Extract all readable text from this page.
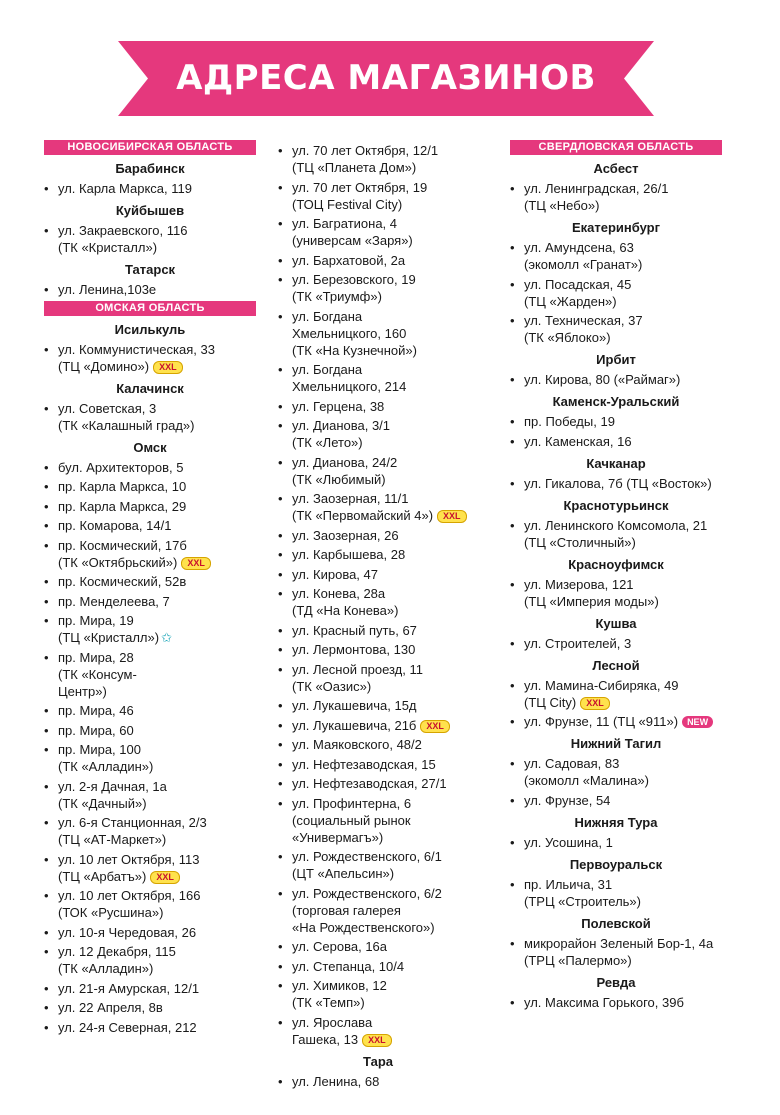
АДРЕСА МАГАЗИНОВ
НОВОСИБИРСКАЯ ОБЛАСТЬ
Барабинск
• ул. Карла Маркса, 119
Куйбышев
• ул. Закраевского, 116
(ТК «Кристалл»)
Татарск
• ул. Ленина,103е
ОМСКАЯ ОБЛАСТЬ
Исилькуль
• ул. Коммунистическая, 33
(ТЦ «Домино») XXL
Калачинск
• ул. Советская, 3
(ТК «Калашный град»)
Омск
• бул. Архитекторов, 5
• пр. Карла Маркса, 10
• пр. Карла Маркса, 29
• пр. Комарова, 14/1
• пр. Космический, 17б
(ТК «Октябрьский») XXL
• пр. Космический, 52в
• пр. Менделеева, 7
• пр. Мира, 19
(ТЦ «Кристалл») ✩
• пр. Мира, 28
(ТК «Консум-
Центр»)
• пр. Мира, 46
• пр. Мира, 60
• пр. Мира, 100
(ТК «Алладин»)
• ул. 2-я Дачная, 1а
(ТК «Дачный»)
• ул. 6-я Станционная, 2/3
(ТЦ «АТ-Маркет»)
• ул. 10 лет Октября, 113
(ТЦ «Арбатъ») XXL
• ул. 10 лет Октября, 166
(ТОК «Русшина»)
• ул. 10-я Чередовая, 26
• ул. 12 Декабря, 115
(ТК «Алладин»)
• ул. 21-я Амурская, 12/1
• ул. 22 Апреля, 8в
• ул. 24-я Северная, 212
• ул. 70 лет Октября, 12/1
(ТЦ «Планета Дом»)
• ул. 70 лет Октября, 19
(ТОЦ Festival City)
• ул. Багратиона, 4
(универсам «Заря»)
• ул. Бархатовой, 2а
• ул. Березовского, 19
(ТК «Триумф»)
• ул. Богдана
Хмельницкого, 160
(ТК «На Кузнечной»)
• ул. Богдана
Хмельницкого, 214
• ул. Герцена, 38
• ул. Дианова, 3/1
(ТК «Лето»)
• ул. Дианова, 24/2
(ТК «Любимый)
• ул. Заозерная, 11/1
(ТК «Первомайский 4») XXL
• ул. Заозерная, 26
• ул. Карбышева, 28
• ул. Кирова, 47
• ул. Конева, 28а
(ТД «На Конева»)
• ул. Красный путь, 67
• ул. Лермонтова, 130
• ул. Лесной проезд, 11
(ТК «Оазис»)
• ул. Лукашевича, 15д
• ул. Лукашевича, 21б XXL
• ул. Маяковского, 48/2
• ул. Нефтезаводская, 15
• ул. Нефтезаводская, 27/1
• ул. Профинтерна, 6
(социальный рынок
«Универмагъ»)
• ул. Рождественского, 6/1
(ЦТ «Апельсин»)
• ул. Рождественского, 6/2
(торговая галерея
«На Рождественского»)
• ул. Серова, 16а
• ул. Степанца, 10/4
• ул. Химиков, 12
(ТК «Темп»)
• ул. Ярослава
Гашека, 13 XXL
Тара
• ул. Ленина, 68
СВЕРДЛОВСКАЯ ОБЛАСТЬ
Асбест
• ул. Ленинградская, 26/1
(ТЦ «Небо»)
Екатеринбург
• ул. Амундсена, 63
(экомолл «Гранат»)
• ул. Посадская, 45
(ТЦ «Жарден»)
• ул. Техническая, 37
(ТК «Яблоко»)
Ирбит
• ул. Кирова, 80 («Раймаг»)
Каменск-Уральский
• пр. Победы, 19
• ул. Каменская, 16
Качканар
• ул. Гикалова, 7б (ТЦ «Восток»)
Краснотурьинск
• ул. Ленинского Комсомола, 21
(ТЦ «Столичный»)
Красноуфимск
• ул. Мизерова, 121
(ТЦ «Империя моды»)
Кушва
• ул. Строителей, 3
Лесной
• ул. Мамина-Сибиряка, 49
(ТЦ City) XXL
• ул. Фрунзе, 11 (ТЦ «911») NEW
Нижний Тагил
• ул. Садовая, 83
(экомолл «Малина»)
• ул. Фрунзе, 54
Нижняя Тура
• ул. Усошина, 1
Первоуральск
• пр. Ильича, 31
(ТРЦ «Строитель»)
Полевской
• микрорайон Зеленый Бор-1, 4а
(ТРЦ «Палермо»)
Ревда
• ул. Максима Горького, 39б
